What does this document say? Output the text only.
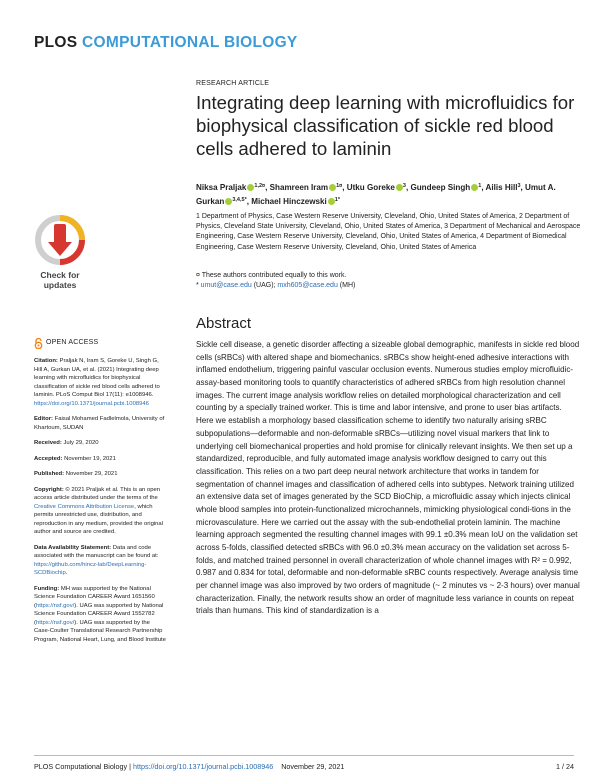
PLOS COMPUTATIONAL BIOLOGY
RESEARCH ARTICLE
Integrating deep learning with microfluidics for biophysical classification of sickle red blood cells adhered to laminin
Niksa Praljak $^{1,2¤}$, Shamreen Iram $^{1¤}$, Utku Goreke $^3$, Gundeep Singh $^1$, Ailis Hill$^3$, Umut A. Gurkan $^{3,4,5*}$, Michael Hinczewski $^{1*}$
1 Department of Physics, Case Western Reserve University, Cleveland, Ohio, United States of America, 2 Department of Physics, Cleveland State University, Cleveland, Ohio, United States of America, 3 Department of Mechanical and Aerospace Engineering, Case Western Reserve University, Cleveland, Ohio, United States of America, 4 Department of Biomedical Engineering, Case Western Reserve University, Cleveland, Ohio, United States of America
¤ These authors contributed equally to this work.
* umut@case.edu (UAG); mxh605@case.edu (MH)
Check for
updates
OPEN ACCESS
Citation: Praljak N, Iram S, Goreke U, Singh G, Hill A, Gurkan UA, et al. (2021) Integrating deep learning with microfluidics for biophysical classification of sickle red blood cells adhered to laminin. PLoS Comput Biol 17(11): e1008946. https://doi.org/10.1371/journal.pcbi.1008946
Editor: Faisal Mohamed Fadlelmola, University of Khartoum, SUDAN
Received: July 29, 2020
Accepted: November 19, 2021
Published: November 29, 2021
Copyright: © 2021 Praljak et al. This is an open access article distributed under the terms of the Creative Commons Attribution License, which permits unrestricted use, distribution, and reproduction in any medium, provided the original author and source are credited.
Data Availability Statement: Data and code associated with the manuscript can be found at: https://github.com/hincz-lab/DeepLearning-SCDBiochip.
Funding: MH was supported by the National Science Foundation CAREER Award 1651560 (https://nsf.gov/). UAG was supported by National Science Foundation CAREER Award 1552782 (https://nsf.gov/). UAG was supported by the Case-Coulter Translational Research Partnership Program, National Heart, Lung, and Blood Institute
Abstract

Sickle cell disease, a genetic disorder affecting a sizeable global demographic, manifests in sickle red blood cells (sRBCs) with altered shape and biomechanics. sRBCs show height-ened adhesive interactions with inflamed endothelium, triggering painful vascular occlusion events. Numerous studies employ microfluidic-assay-based monitoring tools to quantify characteristics of adhered sRBCs from high resolution channel images. The current image analysis workflow relies on detailed morphological characterization and cell counting by a specially trained worker. This is time and labor intensive, and prone to user bias artifacts. Here we establish a morphology based classification scheme to identify two naturally arising sRBC subpopulations—deformable and non-deformable sRBCs—utilizing novel visual markers that link to underlying cell biomechanical properties and hold promise for clinically relevant insights. We then set up a standardized, reproducible, and fully automated image analysis workflow designed to carry out this classification. This relies on a two part deep neural network architecture that works in tandem for segmentation of channel images and classification of adhered cells into subtypes. Network training utilized an extensive data set of images generated by the SCD BioChip, a microfluidic assay which injects clinical whole blood samples into protein-functionalized microchannels, mimicking physiological condi-tions in the microvasculature. Here we carried out the assay with the sub-endothelial protein laminin. The machine learning approach segmented the resulting channel images with 99.1 ±0.3% mean IoU on the validation set across 5-folds, classified detected sRBCs with 96.0 ±0.3% mean accuracy on the validation set across 5-folds, and matched trained personnel in overall characterization of whole channel images with R² = 0.992, 0.987 and 0.834 for total, deformable and non-deformable sRBC counts respectively. Average analysis time per channel image was also improved by two orders of magnitude (~ 2 minutes vs ~ 2-3 hours) over manual characterization. Finally, the network results show an order of magnitude less variance in counts on repeat trials than humans. This kind of standardization is a

PLOS Computational Biology | https://doi.org/10.1371/journal.pcbi.1008946 November 29, 2021	1 / 24
